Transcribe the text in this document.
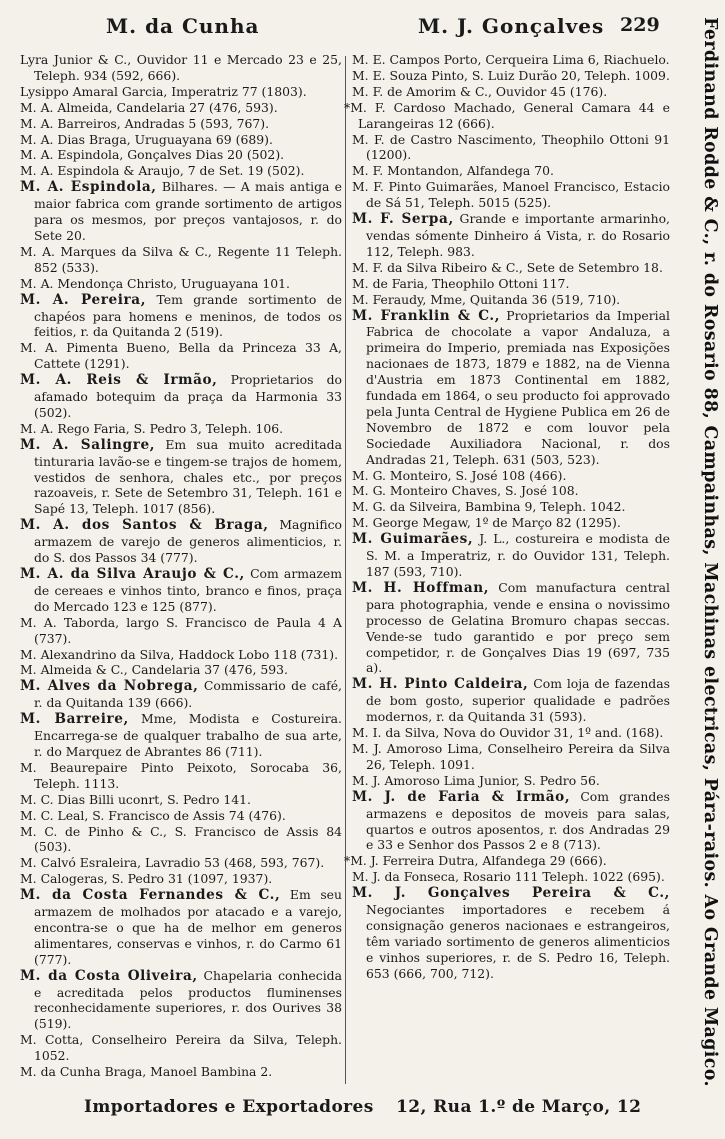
M. da Cunha	M. J. Gonçalves 229

Lyra Junior & C., Ouvidor 11 e Mercado 23 e 25, Teleph. 934 (592, 666).

Lysippo Amaral Garcia, Imperatriz 77 (1803).

M. A. Almeida, Candelaria 27 (476, 593).

M. A. Barreiros, Andradas 5 (593, 767).

M. A. Dias Braga, Uruguayana 69 (689).

M. A. Espindola, Gonçalves Dias 20 (502).

M. A. Espindola & Araujo, 7 de Set. 19 (502).

M. A. Espindola, Bilhares. — A mais antiga e maior fabrica com grande sortimento de artigos para os mesmos, por preços vantajosos, r. do Sete 20.

M. A. Marques da Silva & C., Regente 11 Teleph. 852 (533).

M. A. Mendonça Christo, Uruguayana 101.

M. A. Pereira, Tem grande sortimento de chapéos para homens e meninos, de todos os feitios, r. da Quitanda 2 (519).

M. A. Pimenta Bueno, Bella da Princeza 33 A, Cattete (1291).

M. A. Reis & Irmão, Proprietarios do afamado botequim da praça da Harmonia 33 (502).

M. A. Rego Faria, S. Pedro 3, Teleph. 106.

M. A. Salingre, Em sua muito acreditada tinturaria lavão-se e tingem-se trajos de homem, vestidos de senhora, chales etc., por preços razoaveis, r. Sete de Setembro 31, Teleph. 161 e Sapé 13, Teleph. 1017 (856).

M. A. dos Santos & Braga, Magnifico armazem de varejo de generos alimenticios, r. do S. dos Passos 34 (777).

M. A. da Silva Araujo & C., Com armazem de cereaes e vinhos tinto, branco e finos, praça do Mercado 123 e 125 (877).

M. A. Taborda, largo S. Francisco de Paula 4 A (737).

M. Alexandrino da Silva, Haddock Lobo 118 (731).

M. Almeida & C., Candelaria 37 (476, 593.

M. Alves da Nobrega, Commissario de café, r. da Quitanda 139 (666).

M. Barreire, Mme, Modista e Costureira. Encarrega-se de qualquer trabalho de sua arte, r. do Marquez de Abrantes 86 (711).

M. Beaurepaire Pinto Peixoto, Sorocaba 36, Teleph. 1113.

M. C. Dias Billi uconrt, S. Pedro 141.

M. C. Leal, S. Francisco de Assis 74 (476).

M. C. de Pinho & C., S. Francisco de Assis 84 (503).

M. Calvó Esraleira, Lavradio 53 (468, 593, 767).

M. Calogeras, S. Pedro 31 (1097, 1937).

M. da Costa Fernandes & C., Em seu armazem de molhados por atacado e a varejo, encontra-se o que ha de melhor em generos alimentares, conservas e vinhos, r. do Carmo 61 (777).

M. da Costa Oliveira, Chapelaria conhecida e acreditada pelos productos fluminenses reconhecidamente superiores, r. dos Ourives 38 (519).

M. Cotta, Conselheiro Pereira da Silva, Teleph. 1052.

M. da Cunha Braga, Manoel Bambina 2.

M. E. Campos Porto, Cerqueira Lima 6, Riachuelo.

M. E. Souza Pinto, S. Luiz Durão 20, Teleph. 1009.

M. F. de Amorim & C., Ouvidor 45 (176).

*M. F. Cardoso Machado, General Camara 44 e Larangeiras 12 (666).

M. F. de Castro Nascimento, Theophilo Ottoni 91 (1200).

M. F. Montandon, Alfandega 70.

M. F. Pinto Guimarães, Manoel Francisco, Estacio de Sá 51, Teleph. 5015 (525).

M. F. Serpa, Grande e importante armarinho, vendas sómente Dinheiro á Vista, r. do Rosario 112, Teleph. 983.

M. F. da Silva Ribeiro & C., Sete de Setembro 18.

M. de Faria, Theophilo Ottoni 117.

M. Feraudy, Mme, Quitanda 36 (519, 710).

M. Franklin & C., Proprietarios da Imperial Fabrica de chocolate a vapor Andaluza, a primeira do Imperio, premiada nas Exposições nacionaes de 1873, 1879 e 1882, na de Vienna d'Austria em 1873 Continental em 1882, fundada em 1864, o seu producto foi approvado pela Junta Central de Hygiene Publica em 26 de Novembro de 1872 e com louvor pela Sociedade Auxiliadora Nacional, r. dos Andradas 21, Teleph. 631 (503, 523).

M. G. Monteiro, S. José 108 (466).

M. G. Monteiro Chaves, S. José 108.

M. G. da Silveira, Bambina 9, Teleph. 1042.

M. George Megaw, 1º de Março 82 (1295).

M. Guimarães, J. L., costureira e modista de S. M. a Imperatriz, r. do Ouvidor 131, Teleph. 187 (593, 710).

M. H. Hoffman, Com manufactura central para photographia, vende e ensina o novissimo processo de Gelatina Bromuro chapas seccas. Vende-se tudo garantido e por preço sem competidor, r. de Gonçalves Dias 19 (697, 735 a).

M. H. Pinto Caldeira, Com loja de fazendas de bom gosto, superior qualidade e padrões modernos, r. da Quitanda 31 (593).

M. I. da Silva, Nova do Ouvidor 31, 1º and. (168).

M. J. Amoroso Lima, Conselheiro Pereira da Silva 26, Teleph. 1091.

M. J. Amoroso Lima Junior, S. Pedro 56.

M. J. de Faria & Irmão, Com grandes armazens e depositos de moveis para salas, quartos e outros aposentos, r. dos Andradas 29 e 33 e Senhor dos Passos 2 e 8 (713).

*M. J. Ferreira Dutra, Alfandega 29 (666).

M. J. da Fonseca, Rosario 111 Teleph. 1022 (695).

M. J. Gonçalves Pereira & C., Negociantes importadores e recebem á consignação generos nacionaes e estrangeiros, têm variado sortimento de generos alimenticios e vinhos superiores, r. de S. Pedro 16, Teleph. 653 (666, 700, 712).	Ferdinand Rodde & C., r. do Rosario 88, Campainhas, Machinas electricas, Pára-raios. Ao Grande Magico.
Importadores e Exportadores 12, Rua 1.º de Março, 12
